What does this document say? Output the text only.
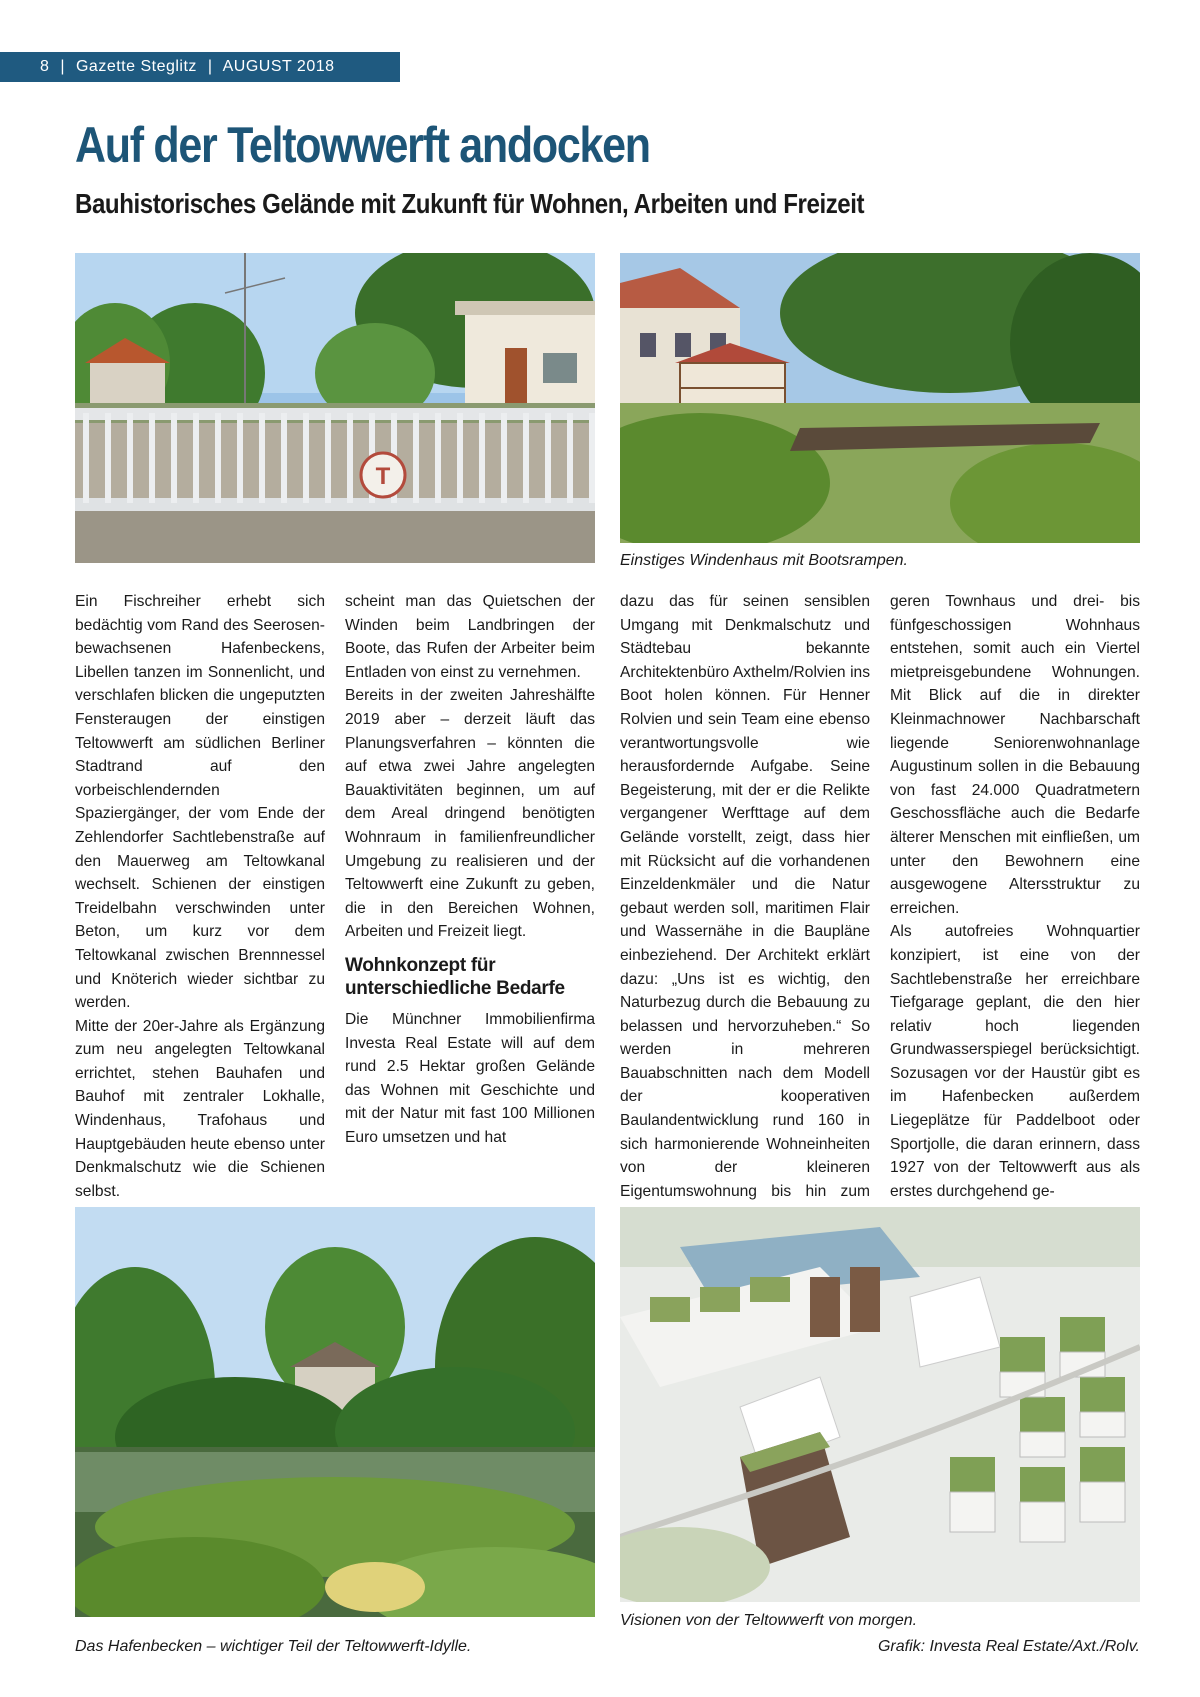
8 | Gazette Steglitz | AUGUST 2018
Auf der Teltowwerft andocken
Bauhistorisches Gelände mit Zukunft für Wohnen, Arbeiten und Freizeit
T
Einstiges Windenhaus mit Bootsrampen.

Ein Fischreiher erhebt sich bedächtig vom Rand des Seerosen-bewachsenen Hafenbeckens, Libellen tanzen im Sonnenlicht, und verschlafen blicken die ungeputzten Fensteraugen der einstigen Teltowwerft am südlichen Berliner Stadtrand auf den vorbeischlendernden Spaziergänger, der vom Ende der Zehlendorfer Sachtlebenstraße auf den Mauerweg am Teltowkanal wechselt. Schienen der einstigen Treidelbahn verschwinden unter Beton, um kurz vor dem Teltowkanal zwischen Brennnessel und Knöterich wieder sichtbar zu werden.

Mitte der 20er-Jahre als Ergänzung zum neu angelegten Teltowkanal errichtet, stehen Bauhafen und Bauhof mit zentraler Lokhalle, Windenhaus, Trafohaus und Hauptgebäuden heute ebenso unter Denkmalschutz wie die Schienen selbst.

scheint man das Quietschen der Winden beim Landbringen der Boote, das Rufen der Arbeiter beim Entladen von einst zu vernehmen.

Bereits in der zweiten Jahreshälfte 2019 aber – derzeit läuft das Planungsverfahren – könnten die auf etwa zwei Jahre angelegten Bauaktivitäten beginnen, um auf dem Areal dringend benötigten Wohnraum in familienfreundlicher Umgebung zu realisieren und der Teltowwerft eine Zukunft zu geben, die in den Bereichen Wohnen, Arbeiten und Freizeit liegt.

Wohnkonzept für unterschiedliche Bedarfe

Die Münchner Immobilienfirma Investa Real Estate will auf dem rund 2.5 Hektar großen Gelände das Wohnen mit Geschichte und mit der Natur mit fast 100 Millionen Euro umsetzen und hat

dazu das für seinen sensiblen Umgang mit Denkmalschutz und Städtebau bekannte Architektenbüro Axthelm/Rolvien ins Boot holen können. Für Henner Rolvien und sein Team eine ebenso verantwortungsvolle wie herausfordernde Aufgabe. Seine Begeisterung, mit der er die Relikte vergangener Werfttage auf dem Gelände vorstellt, zeigt, dass hier mit Rücksicht auf die vorhandenen Einzeldenkmäler und die Natur gebaut werden soll, maritimen Flair und Wassernähe in die Baupläne einbeziehend. Der Architekt erklärt dazu: „Uns ist es wichtig, den Naturbezug durch die Bebauung zu belassen und hervorzuheben.“ So werden in mehreren Bauabschnitten nach dem Modell der kooperativen Baulandentwicklung rund 160 in sich harmonierende Wohneinheiten von der kleineren Eigentumswohnung bis hin zum

geren Townhaus und drei- bis fünfgeschossigen Wohnhaus entstehen, somit auch ein Viertel mietpreisgebundene Wohnungen. Mit Blick auf die in direkter Kleinmachnower Nachbarschaft liegende Seniorenwohnanlage Augustinum sollen in die Bebauung von fast 24.000 Quadratmetern Geschossfläche auch die Bedarfe älterer Menschen mit einfließen, um unter den Bewohnern eine ausgewogene Altersstruktur zu erreichen.

Als autofreies Wohnquartier konzipiert, ist eine von der Sachtlebenstraße her erreichbare Tiefgarage geplant, die den hier relativ hoch liegenden Grundwasserspiegel berücksichtigt. Sozusagen vor der Haustür gibt es im Hafenbecken außerdem Liegeplätze für Paddelboot oder Sportjolle, die daran erinnern, dass 1927 von der Teltowwerft aus als erstes durchgehend ge-

Das Hafenbecken – wichtiger Teil der Teltowwerft-Idylle.
Visionen von der Teltowwerft von morgen.
Grafik: Investa Real Estate/Axt./Rolv.
